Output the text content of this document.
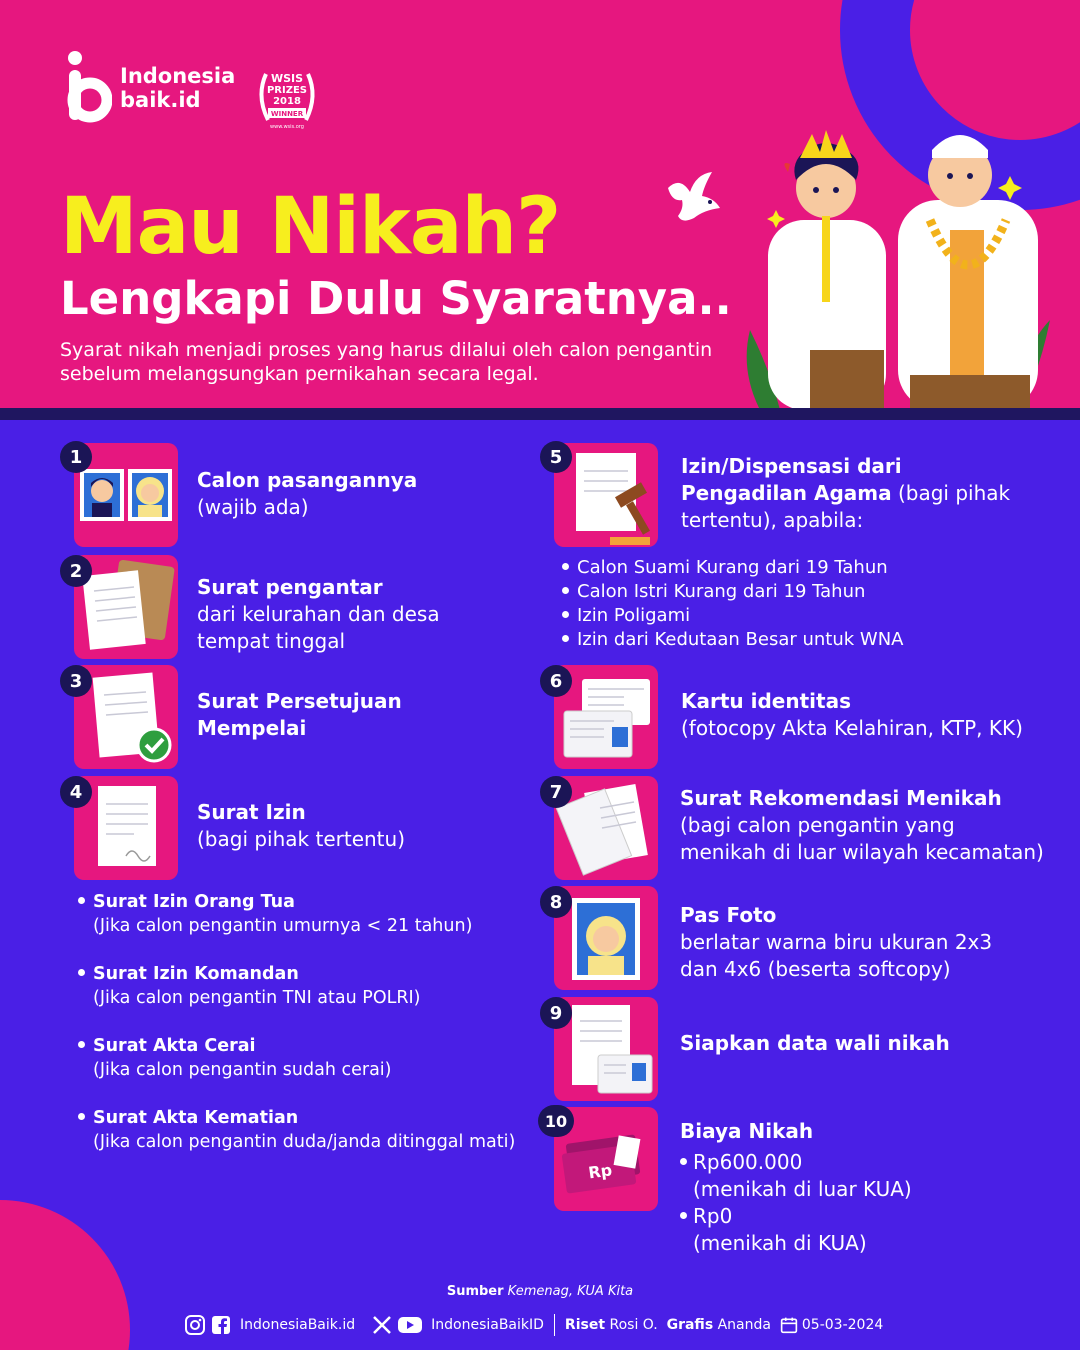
Indonesia
baik.id
WSIS
PRIZES
2018
WINNER
www.wsis.org
Mau Nikah?
Lengkapi Dulu Syaratnya..
Syarat nikah menjadi proses yang harus dilalui oleh calon pengantin
sebelum melangsungkan pernikahan secara legal.
1
Calon pasangannya
(wajib ada)
2
Surat pengantar
dari kelurahan dan desa
tempat tinggal
3
Surat Persetujuan
Mempelai
4
Surat Izin
(bagi pihak tertentu)
Surat Izin Orang Tua
(Jika calon pengantin umurnya < 21 tahun)
Surat Izin Komandan
(Jika calon pengantin TNI atau POLRI)
Surat Akta Cerai
(Jika calon pengantin sudah cerai)
Surat Akta Kematian
(Jika calon pengantin duda/janda ditinggal mati)
5	Izin/Dispensasi dari
Pengadilan Agama (bagi pihak
tertentu), apabila:
Calon Suami Kurang dari 19 Tahun
Calon Istri Kurang dari 19 Tahun
Izin Poligami
Izin dari Kedutaan Besar untuk WNA
6
Kartu identitas
(fotocopy Akta Kelahiran, KTP, KK)
7	Surat Rekomendasi Menikah
(bagi calon pengantin yang
menikah di luar wilayah kecamatan)
8
Pas Foto
berlatar warna biru ukuran 2x3
dan 4x6 (beserta softcopy)
9
Siapkan data wali nikah
Rp
10	Biaya Nikah
Rp600.000
(menikah di luar KUA)
Rp0
(menikah di KUA)
Sumber Kemenag, KUA Kita
IndonesiaBaik.id	IndonesiaBaikID Riset
Rosi O.
Grafis
Ananda
05-03-2024
